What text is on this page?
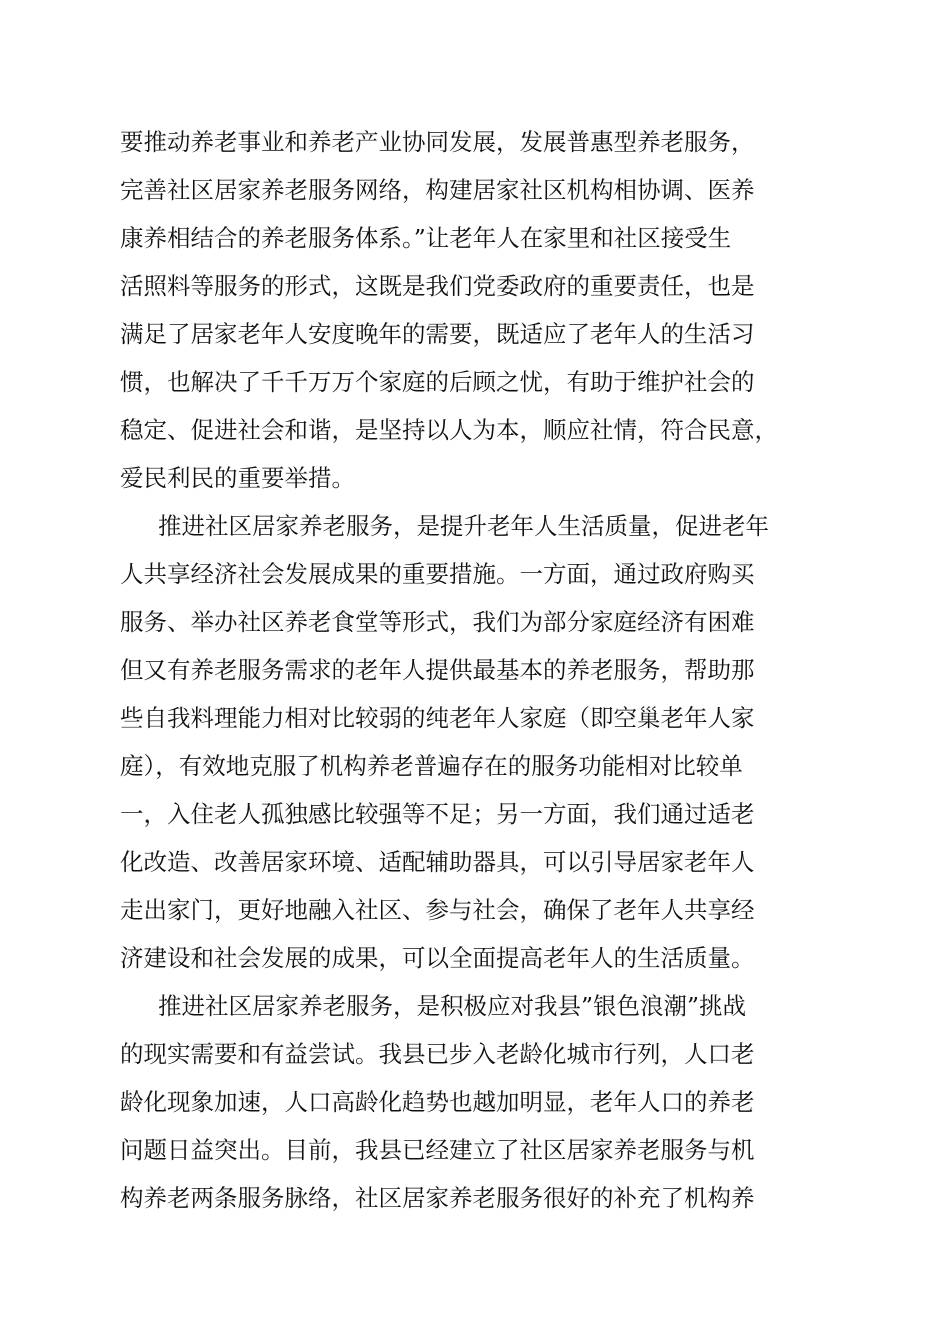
要推动养老事业和养老产业协同发展，发展普惠型养老服务，
完善社区居家养老服务网络，构建居家社区机构相协调、医养
康养相结合的养老服务体系。”让老年人在家里和社区接受生
活照料等服务的形式，这既是我们党委政府的重要责任，也是
满足了居家老年人安度晚年的需要，既适应了老年人的生活习
惯，也解决了千千万万个家庭的后顾之忧，有助于维护社会的
稳定、促进社会和谐，是坚持以人为本，顺应社情，符合民意，
爱民利民的重要举措。
推进社区居家养老服务，是提升老年人生活质量，促进老年
人共享经济社会发展成果的重要措施。一方面，通过政府购买
服务、举办社区养老食堂等形式，我们为部分家庭经济有困难
但又有养老服务需求的老年人提供最基本的养老服务，帮助那
些自我料理能力相对比较弱的纯老年人家庭（即空巢老年人家
庭），有效地克服了机构养老普遍存在的服务功能相对比较单
一，入住老人孤独感比较强等不足；另一方面，我们通过适老
化改造、改善居家环境、适配辅助器具，可以引导居家老年人
走出家门，更好地融入社区、参与社会，确保了老年人共享经
济建设和社会发展的成果，可以全面提高老年人的生活质量。
推进社区居家养老服务，是积极应对我县”银色浪潮”挑战
的现实需要和有益尝试。我县已步入老龄化城市行列，人口老
龄化现象加速，人口高龄化趋势也越加明显，老年人口的养老
问题日益突出。目前，我县已经建立了社区居家养老服务与机
构养老两条服务脉络，社区居家养老服务很好的补充了机构养
